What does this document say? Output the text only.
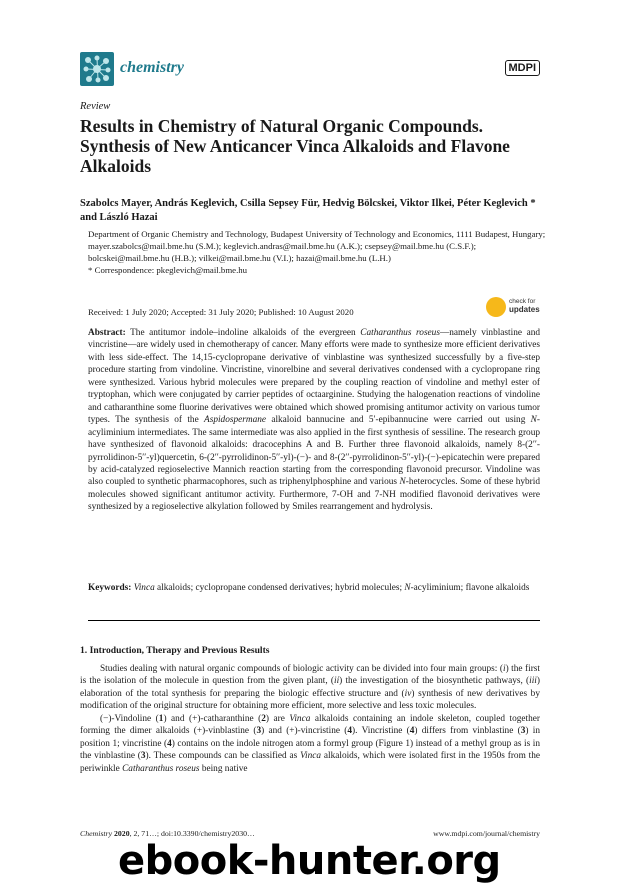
chemistry	MDPI
Review
Results in Chemistry of Natural Organic Compounds. Synthesis of New Anticancer Vinca Alkaloids and Flavone Alkaloids
Szabolcs Mayer, András Keglevich, Csilla Sepsey Für, Hedvig Bölcskei, Viktor Ilkei, Péter Keglevich * and László Hazai

Department of Organic Chemistry and Technology, Budapest University of Technology and Economics, 1111 Budapest, Hungary; mayer.szabolcs@mail.bme.hu (S.M.); keglevich.andras@mail.bme.hu (A.K.); csepsey@mail.bme.hu (C.S.F.); bolcskei@mail.bme.hu (H.B.); vilkei@mail.bme.hu (V.I.); hazai@mail.bme.hu (L.H.)

* Correspondence: pkeglevich@mail.bme.hu

Received: 1 July 2020; Accepted: 31 July 2020; Published: 10 August 2020
check for
updates

Abstract: The antitumor indole–indoline alkaloids of the evergreen Catharanthus roseus—namely vinblastine and vincristine—are widely used in chemotherapy of cancer. Many efforts were made to synthesize more efficient derivatives with less side-effect. The 14,15-cyclopropane derivative of vinblastine was synthesized successfully by a five-step procedure starting from vindoline. Vincristine, vinorelbine and several derivatives condensed with a cyclopropane ring were synthesized. Various hybrid molecules were prepared by the coupling reaction of vindoline and methyl ester of tryptophan, which were conjugated by carrier peptides of octaarginine. Studying the halogenation reactions of vindoline and catharanthine some fluorine derivatives were obtained which showed promising antitumor activity on various tumor types. The synthesis of the Aspidospermane alkaloid bannucine and 5′-epibannucine were carried out using N-acyliminium intermediates. The same intermediate was also applied in the first synthesis of sessiline. The research group have synthesized of flavonoid alkaloids: dracocephins A and B. Further three flavonoid alkaloids, namely 8-(2′′-pyrrolidinon-5′′-yl)quercetin, 6-(2′′-pyrrolidinon-5′′-yl)-(−)- and 8-(2′′-pyrrolidinon-5′′-yl)-(−)-epicatechin were prepared by acid-catalyzed regioselective Mannich reaction starting from the corresponding flavonoid precursor. Vindoline was also coupled to synthetic pharmacophores, such as triphenylphosphine and various N-heterocycles. Some of these hybrid molecules showed significant antitumor activity. Furthermore, 7-OH and 7-NH modified flavonoid derivatives were synthesized by a regioselective alkylation followed by Smiles rearrangement and hydrolysis.

Keywords: Vinca alkaloids; cyclopropane condensed derivatives; hybrid molecules; N-acyliminium; flavone alkaloids

1. Introduction, Therapy and Previous Results

Studies dealing with natural organic compounds of biologic activity can be divided into four main groups: (i) the first is the isolation of the molecule in question from the given plant, (ii) the investigation of the biosynthetic pathways, (iii) elaboration of the total synthesis for preparing the biologic effective structure and (iv) synthesis of new derivatives by modification of the original structure for obtaining more efficient, more selective and less toxic molecules.

(−)-Vindoline (1) and (+)-catharanthine (2) are Vinca alkaloids containing an indole skeleton, coupled together forming the dimer alkaloids (+)-vinblastine (3) and (+)-vincristine (4). Vincristine (4) differs from vinblastine (3) in position 1; vincristine (4) contains on the indole nitrogen atom a formyl group (Figure 1) instead of a methyl group as is in the vinblastine (3). These compounds can be classified as Vinca alkaloids, which were isolated first in the 1950s from the periwinkle Catharanthus roseus being native

Chemistry 2020, 2, 71…; doi:10.3390/chemistry2030…	www.mdpi.com/journal/chemistry
ebook-hunter.org
